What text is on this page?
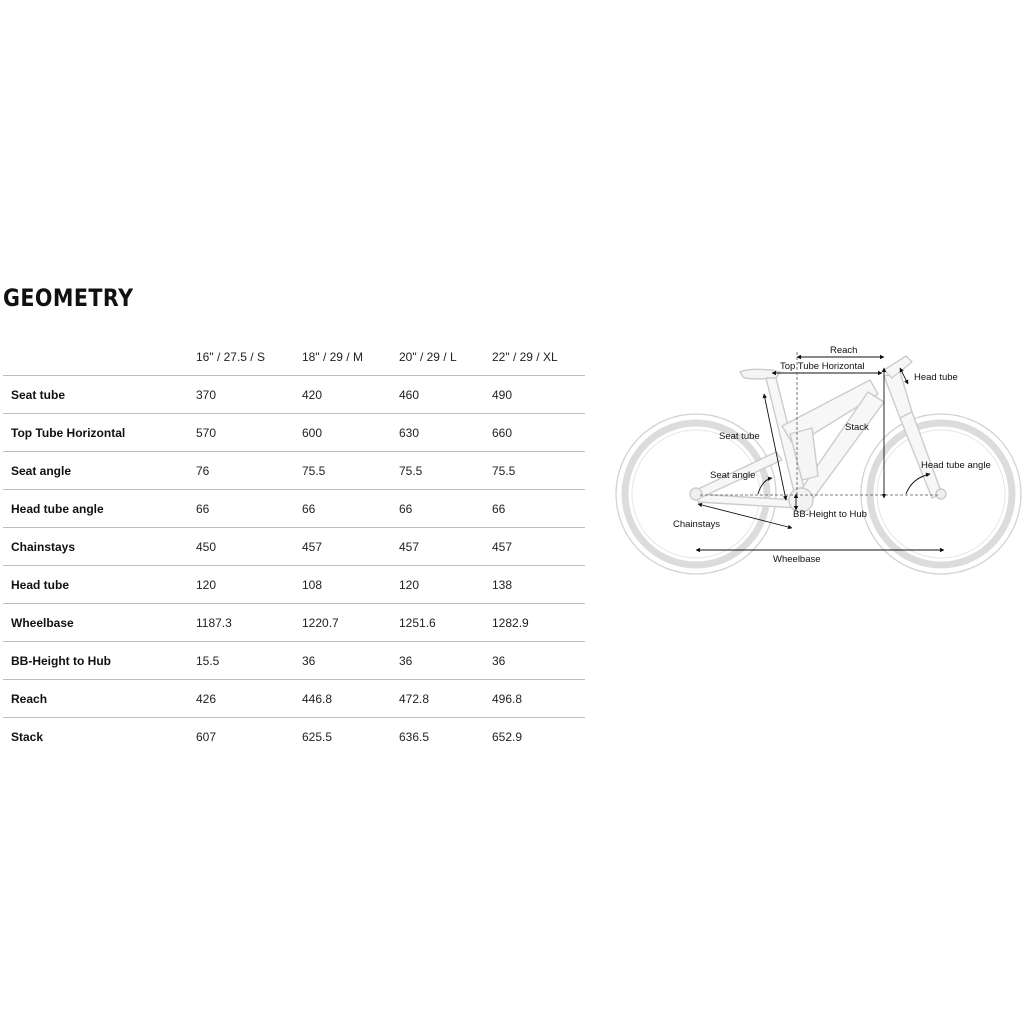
GEOMETRY
	16" / 27.5 / S	18" / 29 / M	20" / 29 / L	22" / 29 / XL
Seat tube	370	420	460	490
Top Tube Horizontal	570	600	630	660
Seat angle	76	75.5	75.5	75.5
Head tube angle	66	66	66	66
Chainstays	450	457	457	457
Head tube	120	108	120	138
Wheelbase	1187.3	1220.7	1251.6	1282.9
BB-Height to Hub	15.5	36	36	36
Reach	426	446.8	472.8	496.8
Stack	607	625.5	636.5	652.9
Reach
Top Tube Horizontal
Head tube
Seat tube
Stack
Seat angle
Head tube angle
Chainstays
BB-Height to Hub
Wheelbase
